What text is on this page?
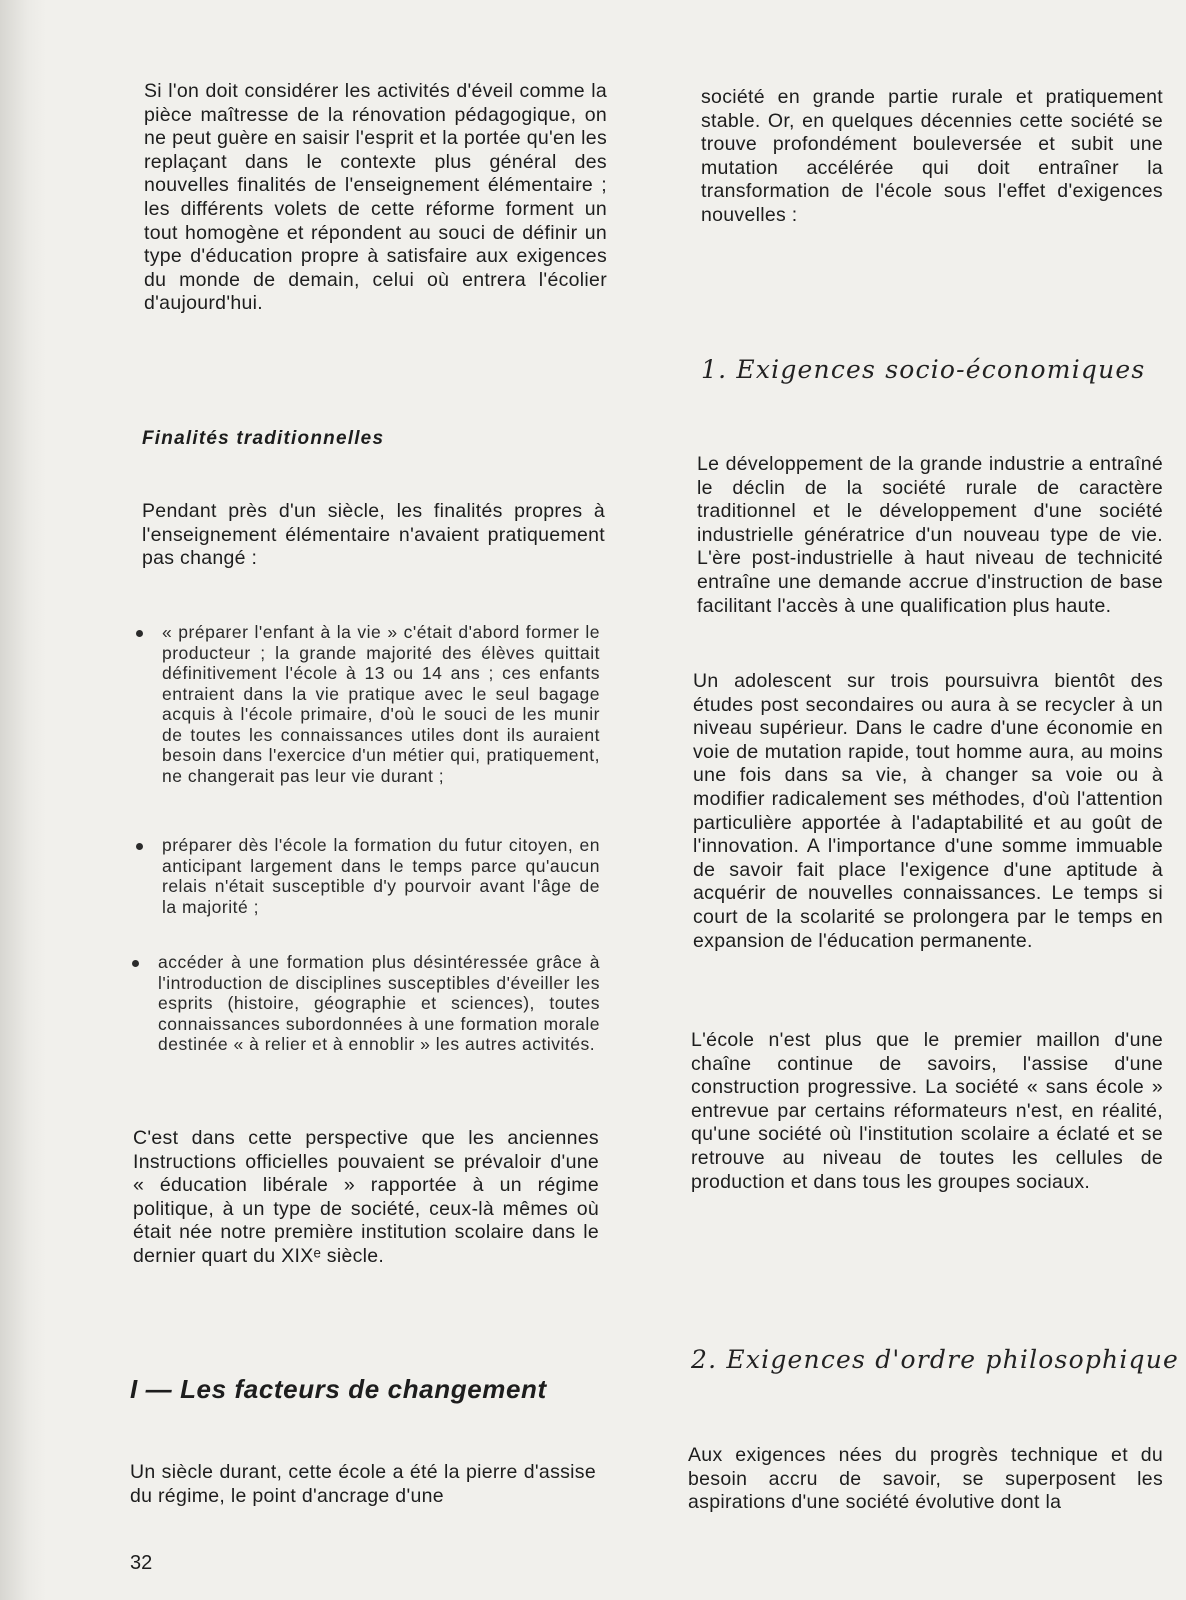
Si l'on doit considérer les activités d'éveil comme la pièce maîtresse de la rénovation pédagogique, on ne peut guère en saisir l'esprit et la portée qu'en les replaçant dans le contexte plus général des nouvelles finalités de l'enseignement élémentaire ; les différents volets de cette réforme forment un tout homogène et répondent au souci de définir un type d'éducation propre à satisfaire aux exigences du monde de demain, celui où entrera l'écolier d'aujourd'hui.

Finalités traditionnelles

Pendant près d'un siècle, les finalités propres à l'enseignement élémentaire n'avaient pratiquement pas changé :

« préparer l'enfant à la vie » c'était d'abord former le producteur ; la grande majorité des élèves quittait définitivement l'école à 13 ou 14 ans ; ces enfants entraient dans la vie pratique avec le seul bagage acquis à l'école primaire, d'où le souci de les munir de toutes les connaissances utiles dont ils auraient besoin dans l'exercice d'un métier qui, pratiquement, ne changerait pas leur vie durant ;

préparer dès l'école la formation du futur citoyen, en anticipant largement dans le temps parce qu'aucun relais n'était susceptible d'y pourvoir avant l'âge de la majorité ;

accéder à une formation plus désintéressée grâce à l'introduction de disciplines susceptibles d'éveiller les esprits (histoire, géographie et sciences), toutes connaissances subordonnées à une formation morale destinée « à relier et à ennoblir » les autres activités.

C'est dans cette perspective que les anciennes Instructions officielles pouvaient se prévaloir d'une « éducation libérale » rapportée à un régime politique, à un type de société, ceux-là mêmes où était née notre première institution scolaire dans le dernier quart du XIXᵉ siècle.

I — Les facteurs de changement

Un siècle durant, cette école a été la pierre d'assise du régime, le point d'ancrage d'une

32

société en grande partie rurale et pratiquement stable. Or, en quelques décennies cette société se trouve profondément bouleversée et subit une mutation accélérée qui doit entraîner la transformation de l'école sous l'effet d'exigences nouvelles :

1. Exigences socio-économiques

Le développement de la grande industrie a entraîné le déclin de la société rurale de caractère traditionnel et le développement d'une société industrielle génératrice d'un nouveau type de vie. L'ère post-industrielle à haut niveau de technicité entraîne une demande accrue d'instruction de base facilitant l'accès à une qualification plus haute.

Un adolescent sur trois poursuivra bientôt des études post secondaires ou aura à se recycler à un niveau supérieur. Dans le cadre d'une économie en voie de mutation rapide, tout homme aura, au moins une fois dans sa vie, à changer sa voie ou à modifier radicalement ses méthodes, d'où l'attention particulière apportée à l'adaptabilité et au goût de l'innovation. A l'importance d'une somme immuable de savoir fait place l'exigence d'une aptitude à acquérir de nouvelles connaissances. Le temps si court de la scolarité se prolongera par le temps en expansion de l'éducation permanente.

L'école n'est plus que le premier maillon d'une chaîne continue de savoirs, l'assise d'une construction progressive. La société « sans école » entrevue par certains réformateurs n'est, en réalité, qu'une société où l'institution scolaire a éclaté et se retrouve au niveau de toutes les cellules de production et dans tous les groupes sociaux.

2. Exigences d'ordre philosophique

Aux exigences nées du progrès technique et du besoin accru de savoir, se superposent les aspirations d'une société évolutive dont la
